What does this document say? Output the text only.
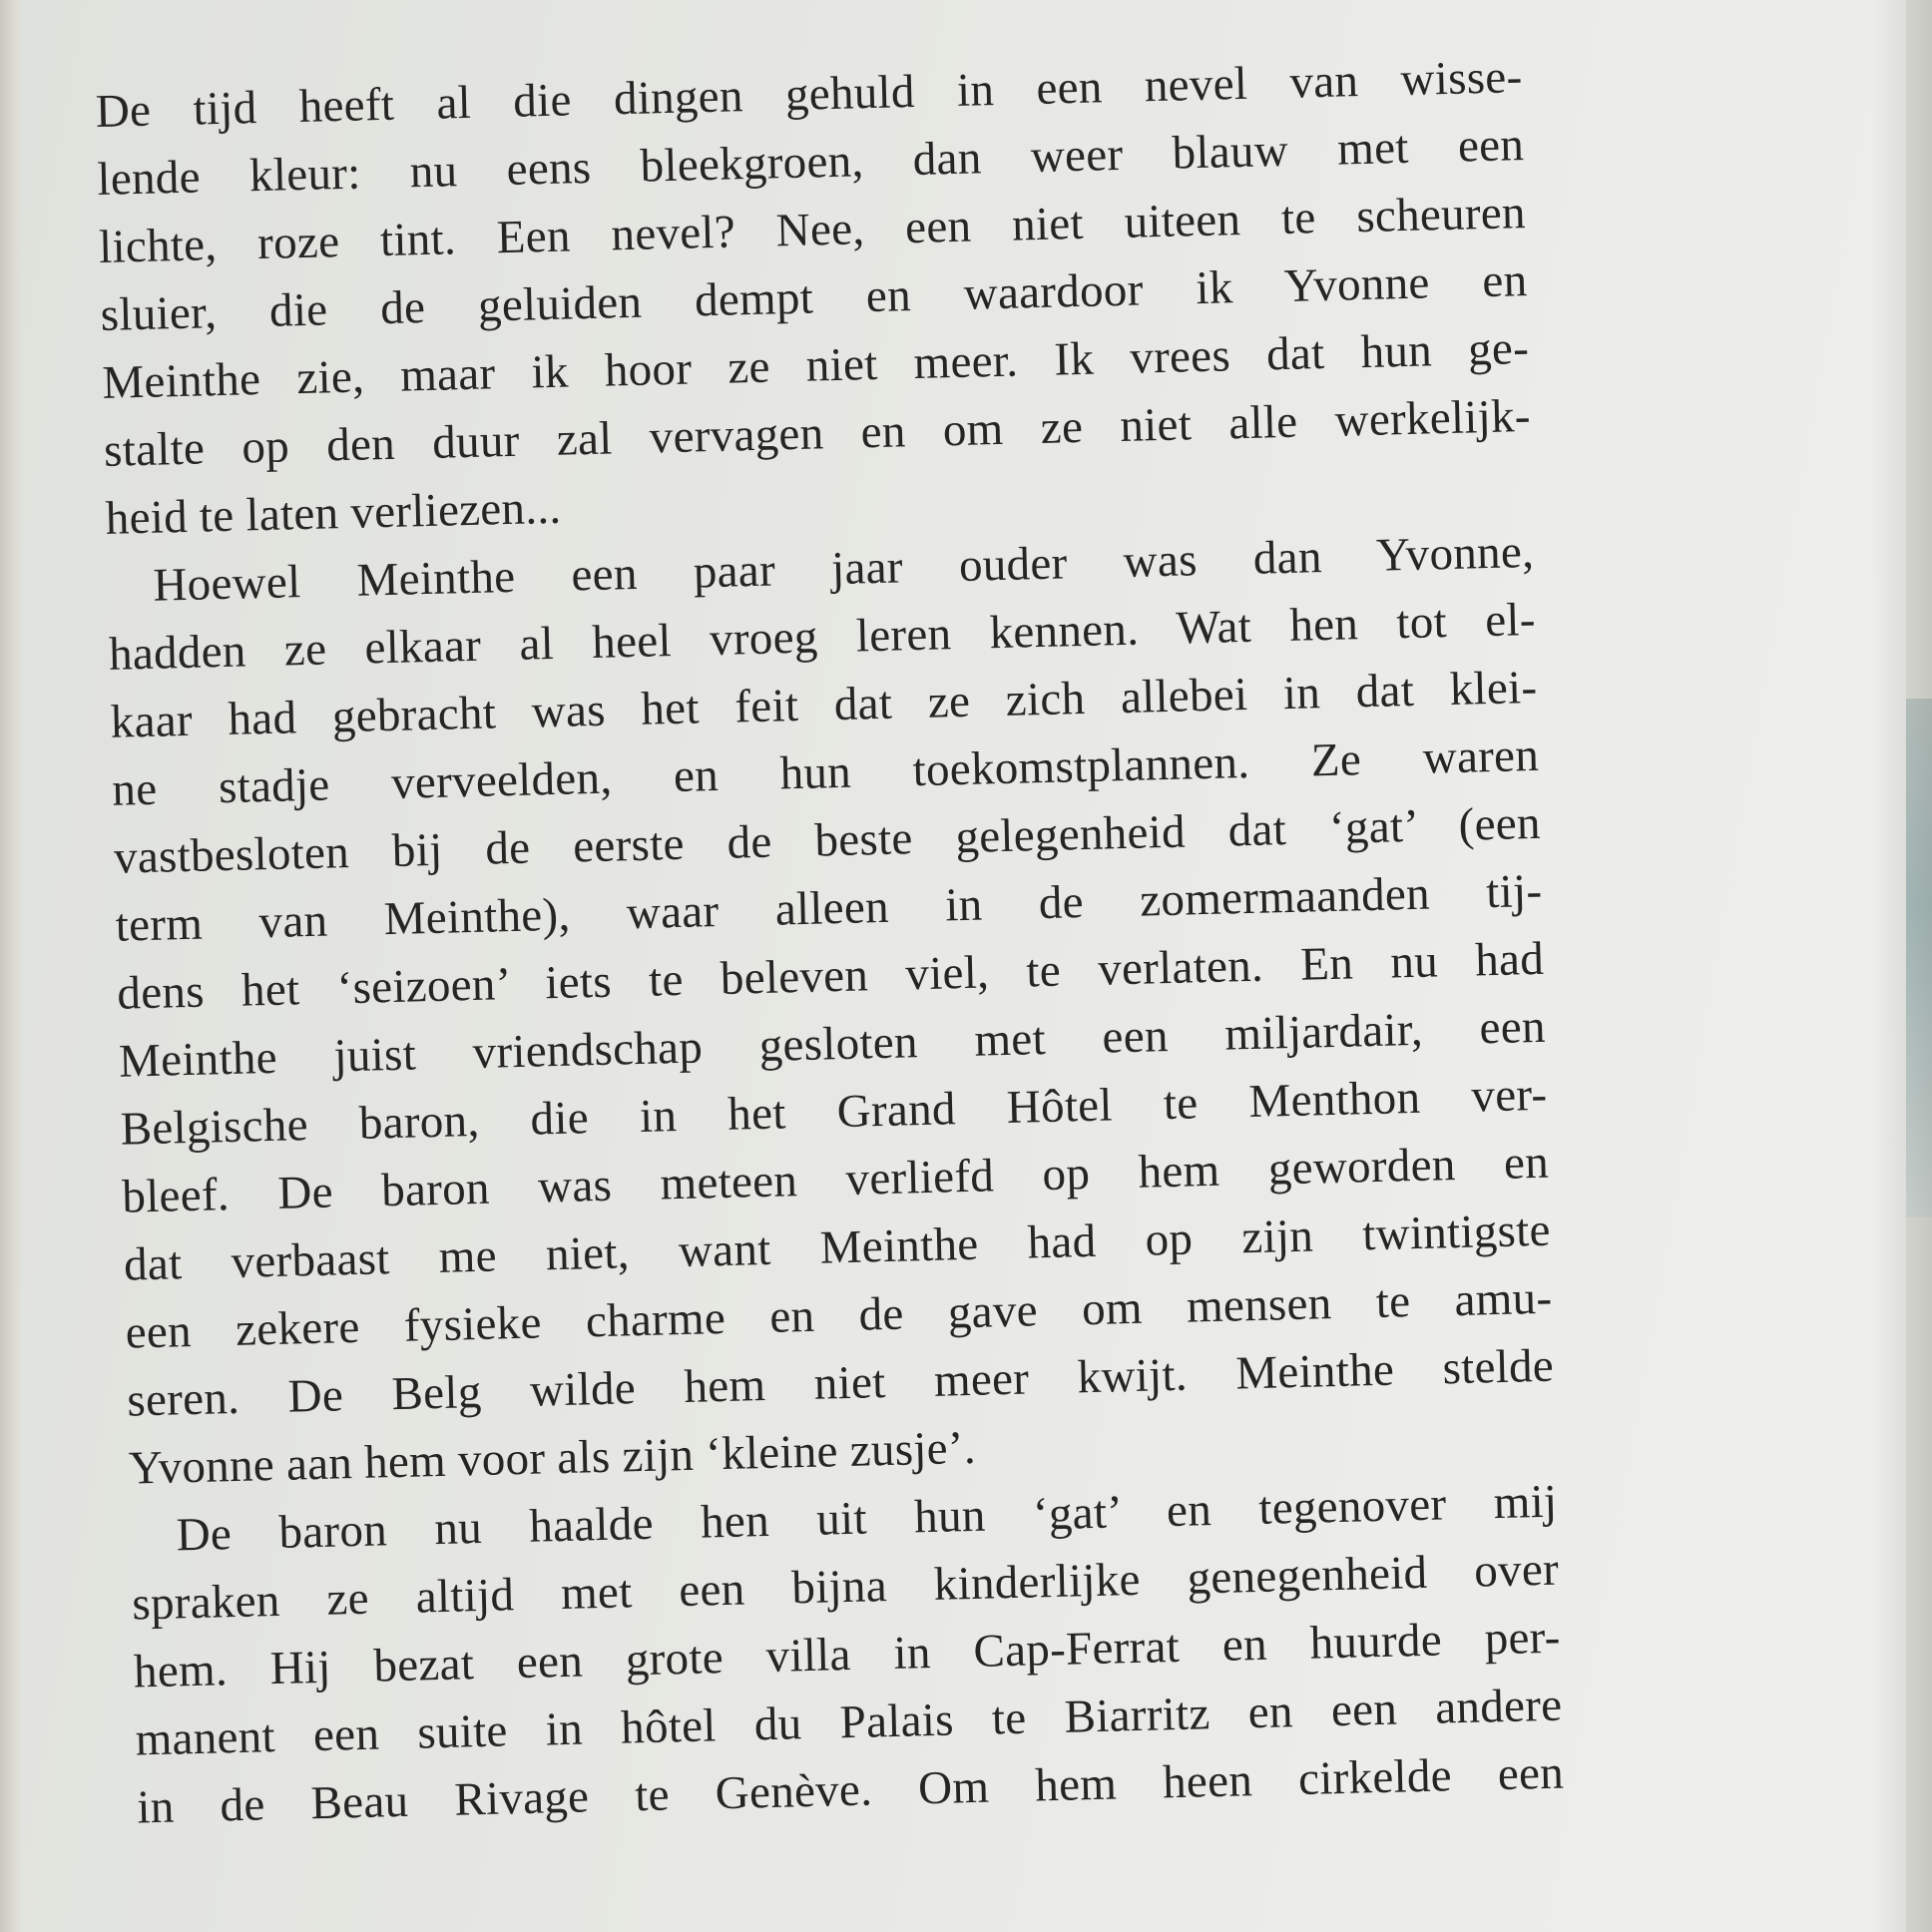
De tijd heeft al die dingen gehuld in een nevel van wisse-
lende kleur: nu eens bleekgroen, dan weer blauw met een
lichte, roze tint. Een nevel? Nee, een niet uiteen te scheuren
sluier, die de geluiden dempt en waardoor ik Yvonne en
Meinthe zie, maar ik hoor ze niet meer. Ik vrees dat hun ge-
stalte op den duur zal vervagen en om ze niet alle werkelijk-
heid te laten verliezen...
Hoewel Meinthe een paar jaar ouder was dan Yvonne,
hadden ze elkaar al heel vroeg leren kennen. Wat hen tot el-
kaar had gebracht was het feit dat ze zich allebei in dat klei-
ne stadje verveelden, en hun toekomstplannen. Ze waren
vastbesloten bij de eerste de beste gelegenheid dat ‘gat’ (een
term van Meinthe), waar alleen in de zomermaanden tij-
dens het ‘seizoen’ iets te beleven viel, te verlaten. En nu had
Meinthe juist vriendschap gesloten met een miljardair, een
Belgische baron, die in het Grand Hôtel te Menthon ver-
bleef. De baron was meteen verliefd op hem geworden en
dat verbaast me niet, want Meinthe had op zijn twintigste
een zekere fysieke charme en de gave om mensen te amu-
seren. De Belg wilde hem niet meer kwijt. Meinthe stelde
Yvonne aan hem voor als zijn ‘kleine zusje’.
De baron nu haalde hen uit hun ‘gat’ en tegenover mij
spraken ze altijd met een bijna kinderlijke genegenheid over
hem. Hij bezat een grote villa in Cap-Ferrat en huurde per-
manent een suite in hôtel du Palais te Biarritz en een andere
in de Beau Rivage te Genève. Om hem heen cirkelde een
